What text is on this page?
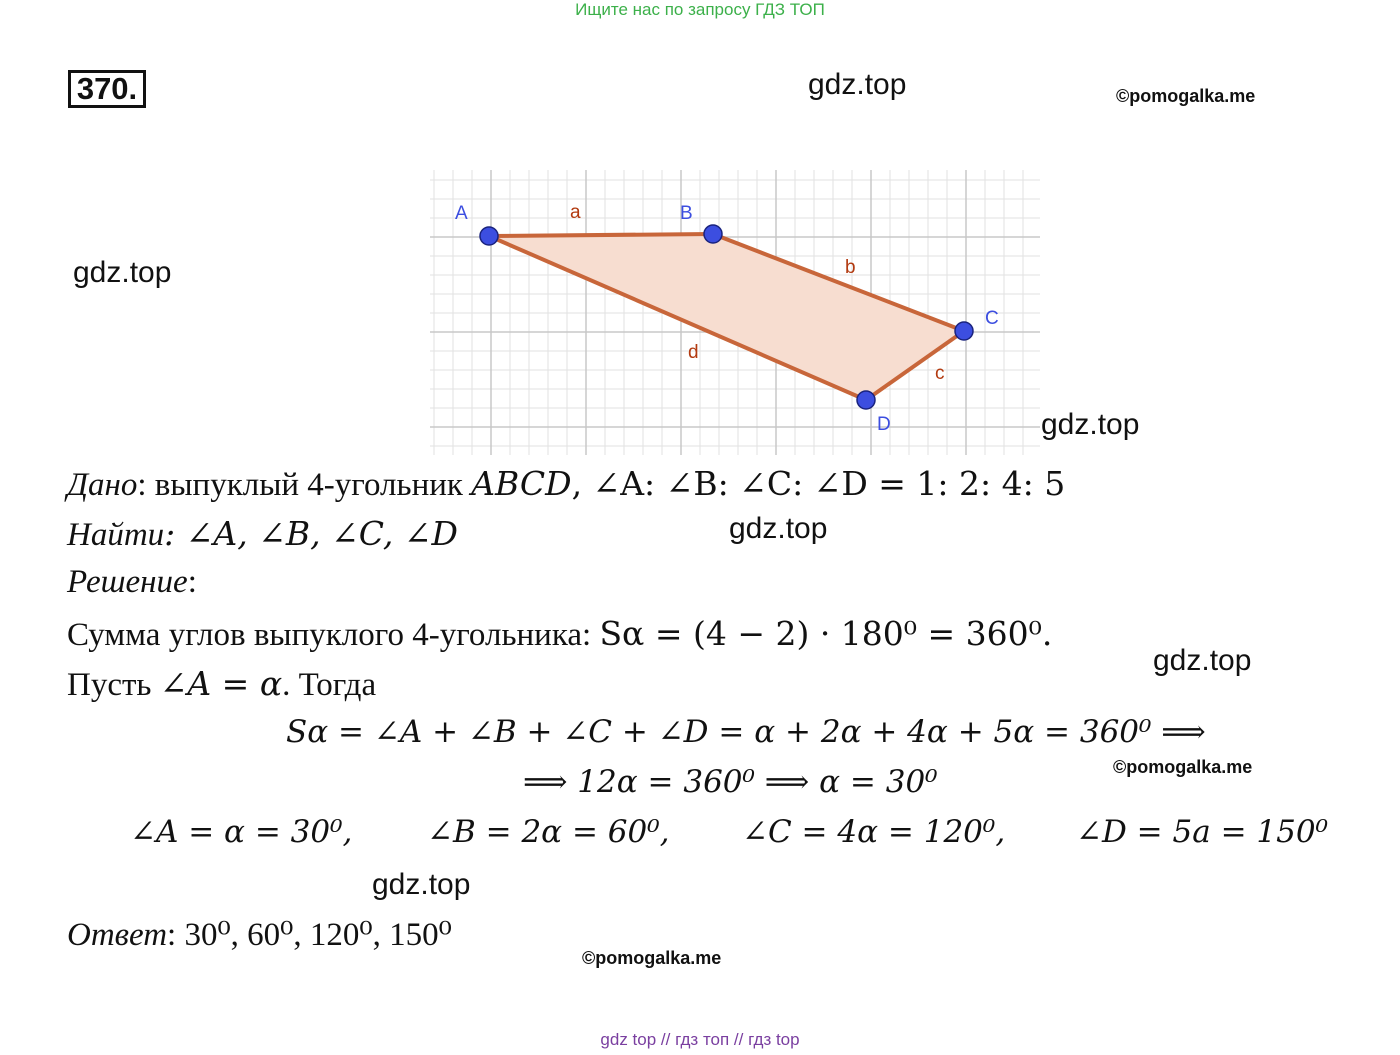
Ищите нас по запросу ГДЗ ТОП
370.	gdz.top	©pomogalka.me
gdz.top
A	B
C
D
a
b
c
d
gdz.top
Дано: выпуклый 4-угольник ABCD, ∠A: ∠B: ∠C: ∠D = 1: 2: 4: 5
Найти: ∠A, ∠B, ∠C, ∠D	gdz.top
Решение:
Сумма углов выпуклого 4-угольника: Sα = (4 − 2) · 180⁰ = 360⁰.
gdz.top
Пусть ∠A = α. Тогда
Sα = ∠A + ∠B + ∠C + ∠D = α + 2α + 4α + 5α = 360⁰ ⟹
©pomogalka.me
⟹ 12α = 360⁰ ⟹ α = 30⁰
∠A = α = 30⁰, ∠B = 2α = 60⁰, ∠C = 4α = 120⁰, ∠D = 5a = 150⁰
gdz.top
Ответ: 30⁰, 60⁰, 120⁰, 150⁰
©pomogalka.me
gdz top // гдз топ // гдз top
